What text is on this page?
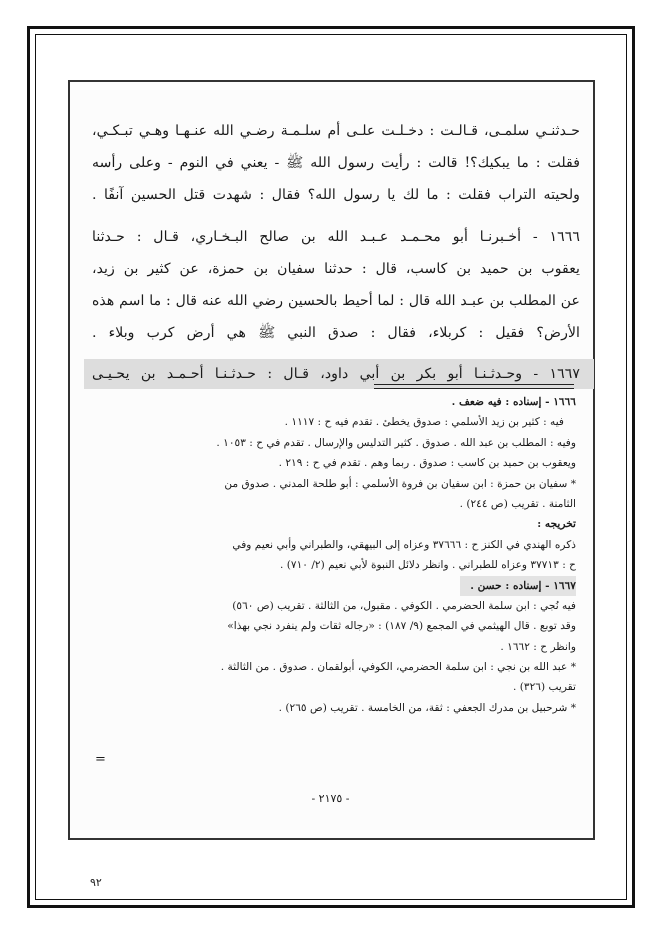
حـدثنـي سلمـى، قـالـت : دخـلـت علـى أم سلـمـة رضـي الله عنـهـا وهـي تبـكـي،
فقلت : ما يبكيك؟! قالت : رأيت رسول الله ﷺ - يعني في النوم - وعلى رأسه
ولحيته التراب فقلت : ما لك يا رسول الله؟ فقال : شهدت قتل الحسين آنفًا .
١٦٦٦ - أخـبرنـا أبو محـمـد عـبـد الله بن صالح البـخـاري، قـال : حـدثنا
يعقوب بن حميد بن كاسب، قال : حدثنا سفيان بن حمزة، عن كثير بن زيد،
عن المطلب بن عبـد الله قال : لما أحيط بالحسين رضي الله عنه قال : ما اسم هذه
الأرض؟ فقيل : كربلاء، فقال : صدق النبي ﷺ هي أرض كرب وبلاء .
١٦٦٧ - وحـدثـنـا أبو بكر بن أبي داود، قـال : حـدثـنـا أحـمـد بن يحـيـى
١٦٦٦ - إسناده : فيه ضعف .
فيه : كثير بن زيد الأسلمي : صدوق يخطئ . تقدم فيه ح : ١١١٧ .
وفيه : المطلب بن عبد الله . صدوق . كثير التدليس والإرسال . تقدم في ح : ١٠٥٣ .
ويعقوب بن حميد بن كاسب : صدوق . ربما وهم . تقدم في ح : ٢١٩ .
* سفيان بن حمزة : ابن سفيان بن فروة الأسلمي : أبو طلحة المدني . صدوق من
الثامنة . تقريب (ص ٢٤٤) .
تخريجه :
ذكره الهندي في الكنز ح : ٣٧٦٦٦ وعزاه إلى البيهقي، والطبراني وأبي نعيم وفي
ح : ٣٧٧١٣ وعزاه للطبراني . وانظر دلائل النبوة لأبي نعيم (٢/ ٧١٠) .
١٦٦٧ - إسناده : حسن .
فيه نُجي : ابن سلمة الحضرمي . الكوفي . مقبول، من الثالثة . تقريب (ص ٥٦٠)
وقد توبع . قال الهيثمي في المجمع (٩/ ١٨٧) : «رجاله ثقات ولم ينفرد نجي بهذا»
وانظر ح : ١٦٦٢ .
* عبد الله بن نجي : ابن سلمة الحضرمي، الكوفي، أبولقمان . صدوق . من الثالثة .
تقريب (٣٢٦) .
* شرحبيل بن مدرك الجعفي : ثقة، من الخامسة . تقريب (ص ٢٦٥) .
=
- ٢١٧٥ -
٩٢
